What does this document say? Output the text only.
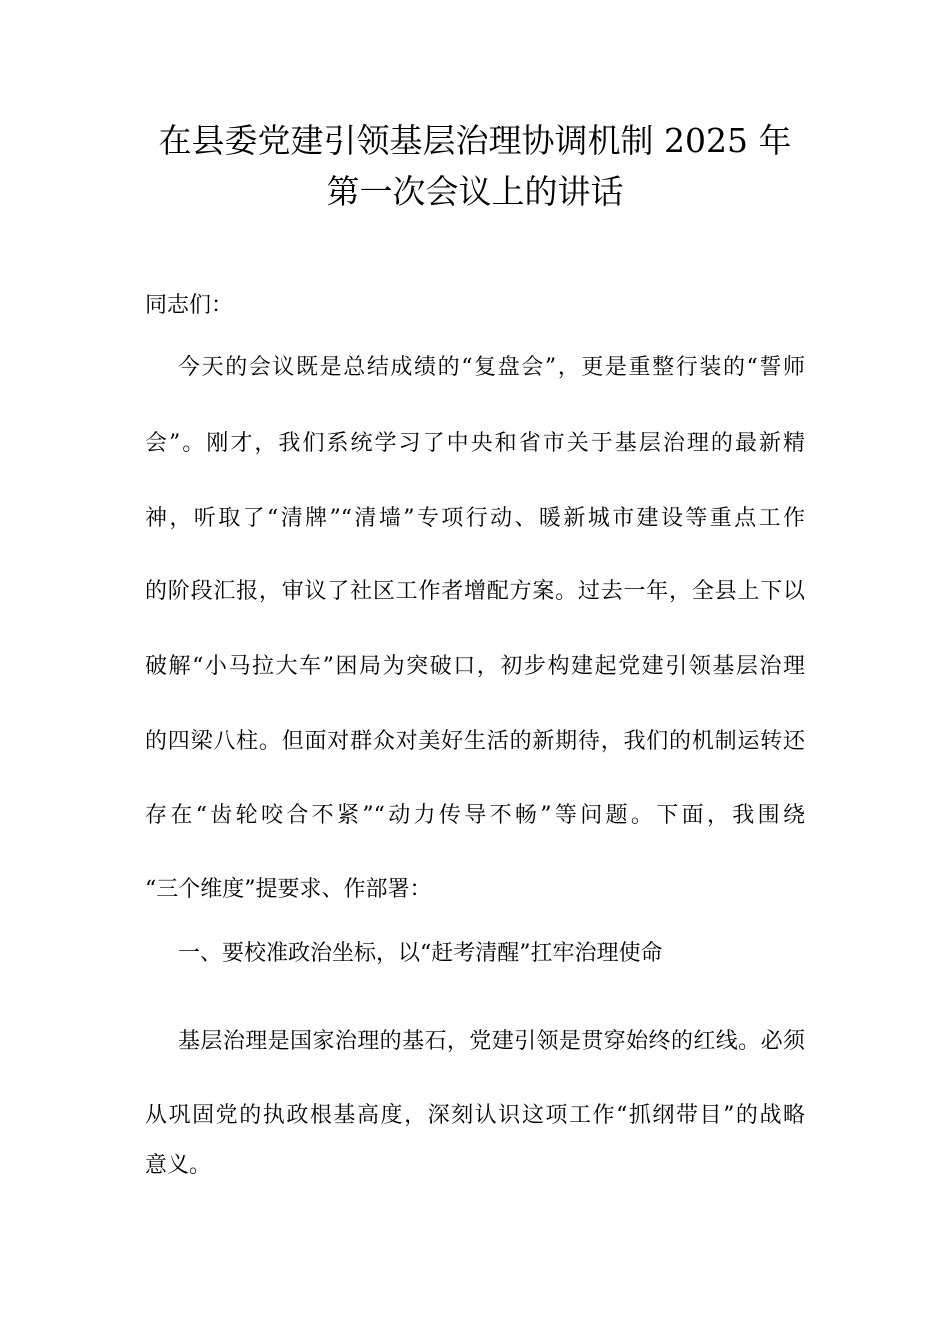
在县委党建引领基层治理协调机制 2025 年
第一次会议上的讲话
同志们：
今天的会议既是总结成绩的“复盘会”，更是重整行装的“誓师
会”。刚才，我们系统学习了中央和省市关于基层治理的最新精
神，听取了“清牌”“清墙”专项行动、暖新城市建设等重点工作
的阶段汇报，审议了社区工作者增配方案。过去一年，全县上下以
破解“小马拉大车”困局为突破口，初步构建起党建引领基层治理
的四梁八柱。但面对群众对美好生活的新期待，我们的机制运转还
存在“齿轮咬合不紧”“动力传导不畅”等问题。下面，我围绕
“三个维度”提要求、作部署：
一、要校准政治坐标，以“赶考清醒”扛牢治理使命
基层治理是国家治理的基石，党建引领是贯穿始终的红线。必须
从巩固党的执政根基高度，深刻认识这项工作“抓纲带目”的战略
意义。
